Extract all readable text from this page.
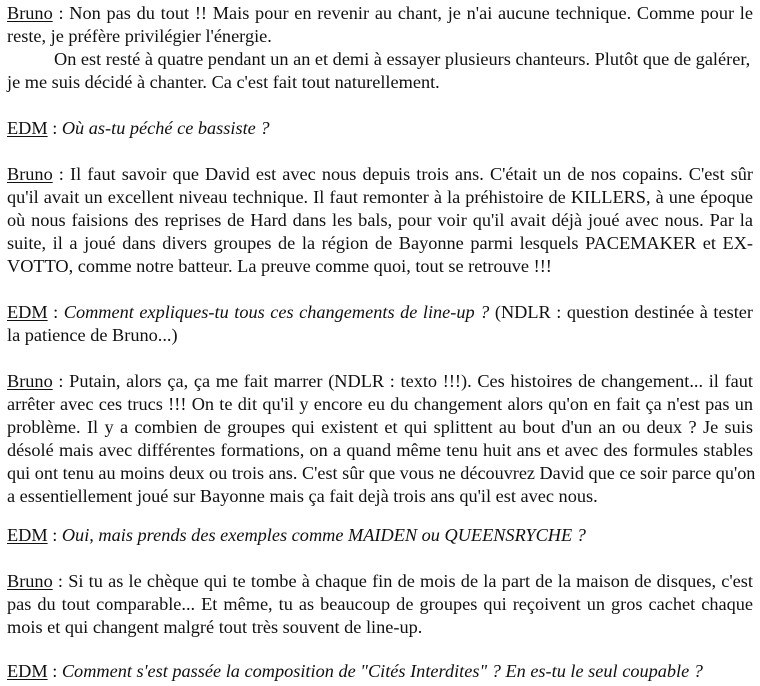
Bruno : Non pas du tout !! Mais pour en revenir au chant, je n'ai aucune technique. Comme pour le
reste, je préfère privilégier l'énergie.
On est resté à quatre pendant un an et demi à essayer plusieurs chanteurs. Plutôt que de galérer,
je me suis décidé à chanter. Ca c'est fait tout naturellement.
EDM : Où as-tu péché ce bassiste ?
Bruno : Il faut savoir que David est avec nous depuis trois ans. C'était un de nos copains. C'est sûr
qu'il avait un excellent niveau technique. Il faut remonter à la préhistoire de KILLERS, à une époque
où nous faisions des reprises de Hard dans les bals, pour voir qu'il avait déjà joué avec nous. Par la
suite, il a joué dans divers groupes de la région de Bayonne parmi lesquels PACEMAKER et EX-
VOTTO, comme notre batteur. La preuve comme quoi, tout se retrouve !!!
EDM : Comment expliques-tu tous ces changements de line-up ? (NDLR : question destinée à tester
la patience de Bruno...)
Bruno : Putain, alors ça, ça me fait marrer (NDLR : texto !!!). Ces histoires de changement... il faut
arrêter avec ces trucs !!! On te dit qu'il y encore eu du changement alors qu'on en fait ça n'est pas un
problème. Il y a combien de groupes qui existent et qui splittent au bout d'un an ou deux ? Je suis
désolé mais avec différentes formations, on a quand même tenu huit ans et avec des formules stables
qui ont tenu au moins deux ou trois ans. C'est sûr que vous ne découvrez David que ce soir parce qu'on
a essentiellement joué sur Bayonne mais ça fait dejà trois ans qu'il est avec nous.
EDM : Oui, mais prends des exemples comme MAIDEN ou QUEENSRYCHE ?
Bruno : Si tu as le chèque qui te tombe à chaque fin de mois de la part de la maison de disques, c'est
pas du tout comparable... Et même, tu as beaucoup de groupes qui reçoivent un gros cachet chaque
mois et qui changent malgré tout très souvent de line-up.
EDM : Comment s'est passée la composition de "Cités Interdites" ? En es-tu le seul coupable ?
